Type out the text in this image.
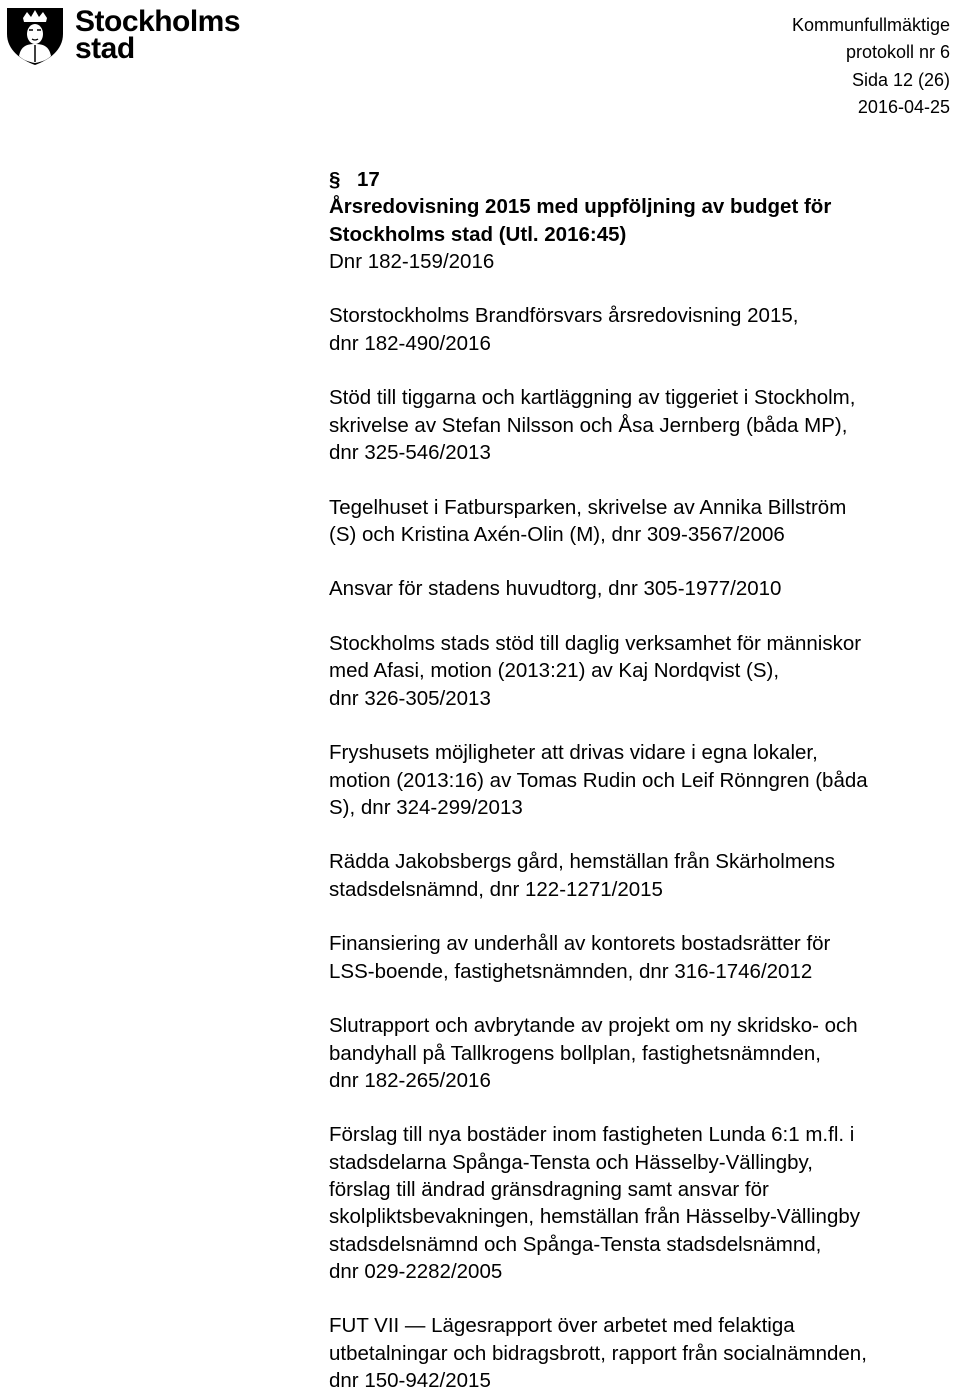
Stockholms
stad
Kommunfullmäktige
protokoll nr 6
Sida 12 (26)
2016-04-25
§ 17
Årsredovisning 2015 med uppföljning av budget för
Stockholms stad (Utl. 2016:45)
Dnr 182-159/2016
Storstockholms Brandförsvars årsredovisning 2015,
dnr 182-490/2016
Stöd till tiggarna och kartläggning av tiggeriet i Stockholm,
skrivelse av Stefan Nilsson och Åsa Jernberg (båda MP),
dnr 325-546/2013
Tegelhuset i Fatbursparken, skrivelse av Annika Billström
(S) och Kristina Axén-Olin (M), dnr 309-3567/2006
Ansvar för stadens huvudtorg, dnr 305-1977/2010
Stockholms stads stöd till daglig verksamhet för människor
med Afasi, motion (2013:21) av Kaj Nordqvist (S),
dnr 326-305/2013
Fryshusets möjligheter att drivas vidare i egna lokaler,
motion (2013:16) av Tomas Rudin och Leif Rönngren (båda
S), dnr 324-299/2013
Rädda Jakobsbergs gård, hemställan från Skärholmens
stadsdelsnämnd, dnr 122-1271/2015
Finansiering av underhåll av kontorets bostadsrätter för
LSS-boende, fastighetsnämnden, dnr 316-1746/2012
Slutrapport och avbrytande av projekt om ny skridsko- och
bandyhall på Tallkrogens bollplan, fastighetsnämnden,
dnr 182-265/2016
Förslag till nya bostäder inom fastigheten Lunda 6:1 m.fl. i
stadsdelarna Spånga-Tensta och Hässelby-Vällingby,
förslag till ändrad gränsdragning samt ansvar för
skolpliktsbevakningen, hemställan från Hässelby-Vällingby
stadsdelsnämnd och Spånga-Tensta stadsdelsnämnd,
dnr 029-2282/2005
FUT VII — Lägesrapport över arbetet med felaktiga
utbetalningar och bidragsbrott, rapport från socialnämnden,
dnr 150-942/2015
